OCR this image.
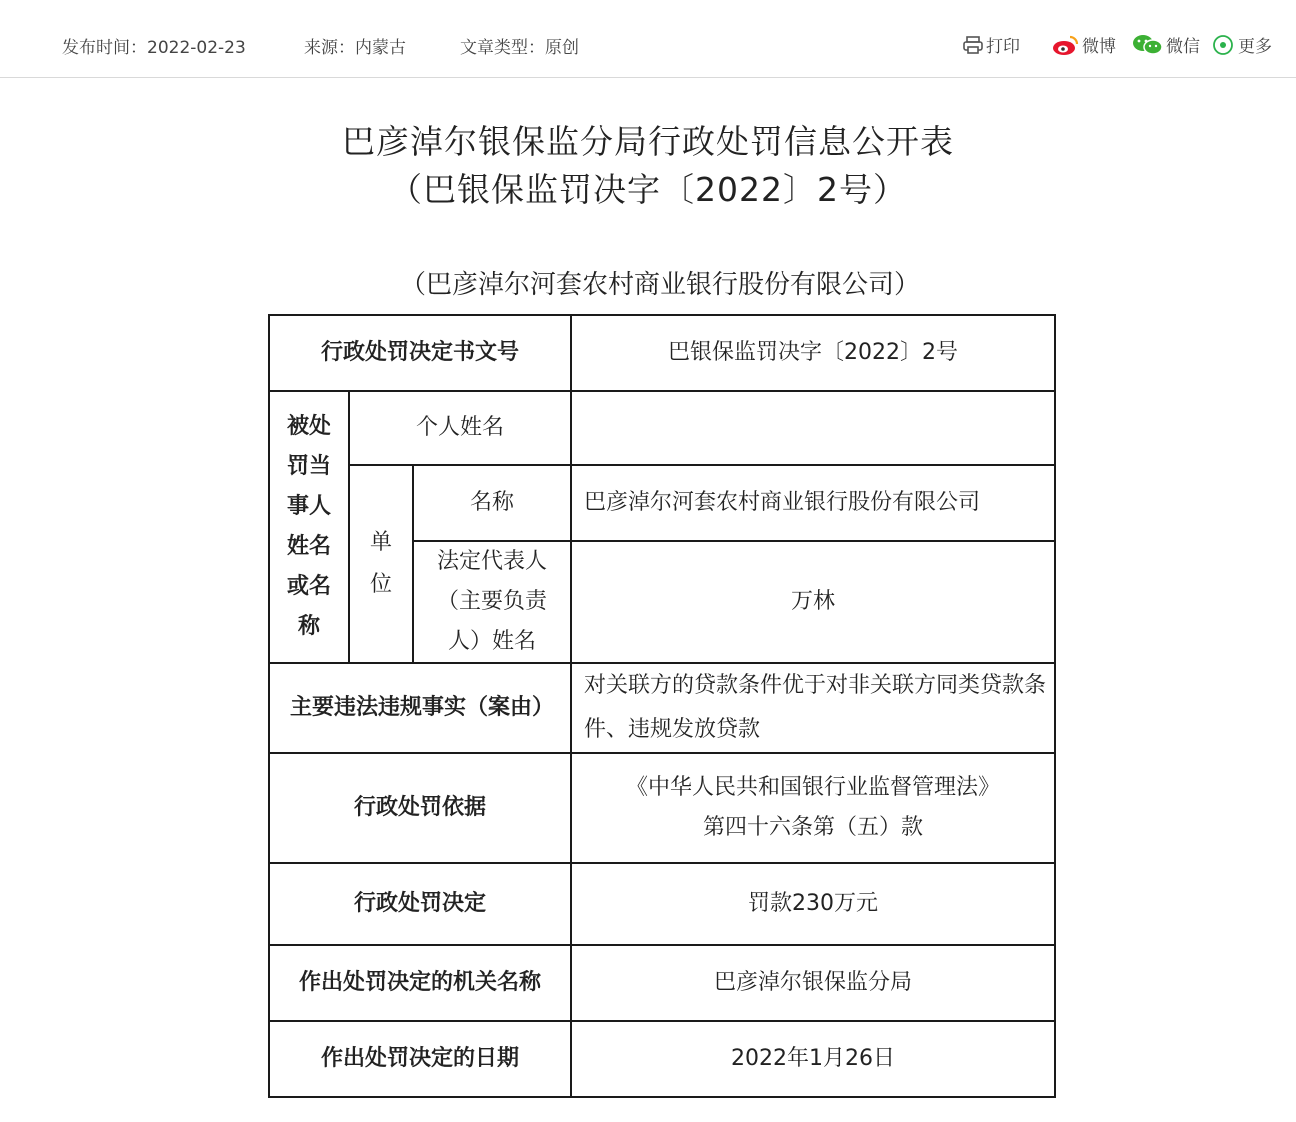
发布时间：2022-02-23	来源：内蒙古	文章类型：原创	打印	微博	微信 更多
巴彦淖尔银保监分局行政处罚信息公开表
（巴银保监罚决字〔2022〕2号）
（巴彦淖尔河套农村商业银行股份有限公司）
行政处罚决定书文号			巴银保监罚决字〔2022〕2号
被处罚当事人姓名或名称	个人姓名		
	单位	名称	巴彦淖尔河套农村商业银行股份有限公司
		法定代表人（主要负责人）姓名	万林
主要违法违规事实（案由）			对关联方的贷款条件优于对非关联方同类贷款条件、违规发放贷款
行政处罚依据			《中华人民共和国银行业监督管理法》
第四十六条第（五）款

行政处罚决定			罚款230万元
作出处罚决定的机关名称			巴彦淖尔银保监分局
作出处罚决定的日期			2022年1月26日
